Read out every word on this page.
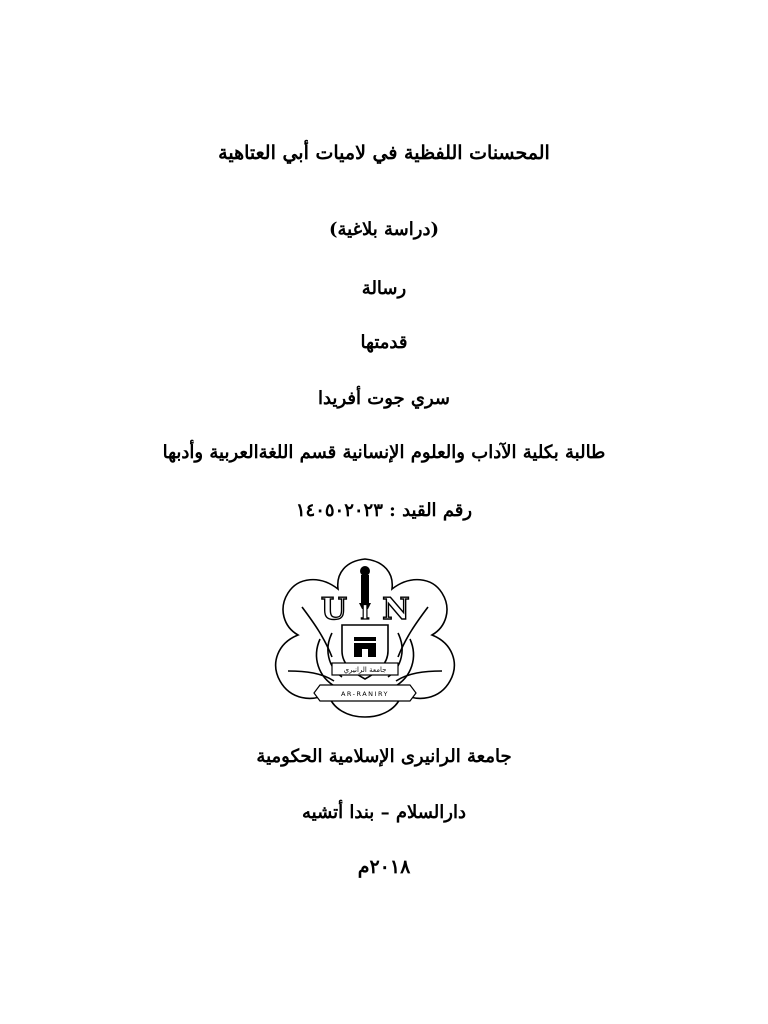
المحسنات اللفظية في لاميات أبي العتاهية
(دراسة بلاغية)
رسالة
قدمتها
سري جوت أفريدا
طالبة بكلية الآداب والعلوم الإنسانية قسم اللغةالعربية وأدبها
رقم القيد : ١٤٠٥٠٢٠٢٣
U I N
جامعة الرانيري
AR-RANIRY
جامعة الرانيرى الإسلامية الحكومية
دارالسلام – بندا أتشيه
٢٠١٨م
